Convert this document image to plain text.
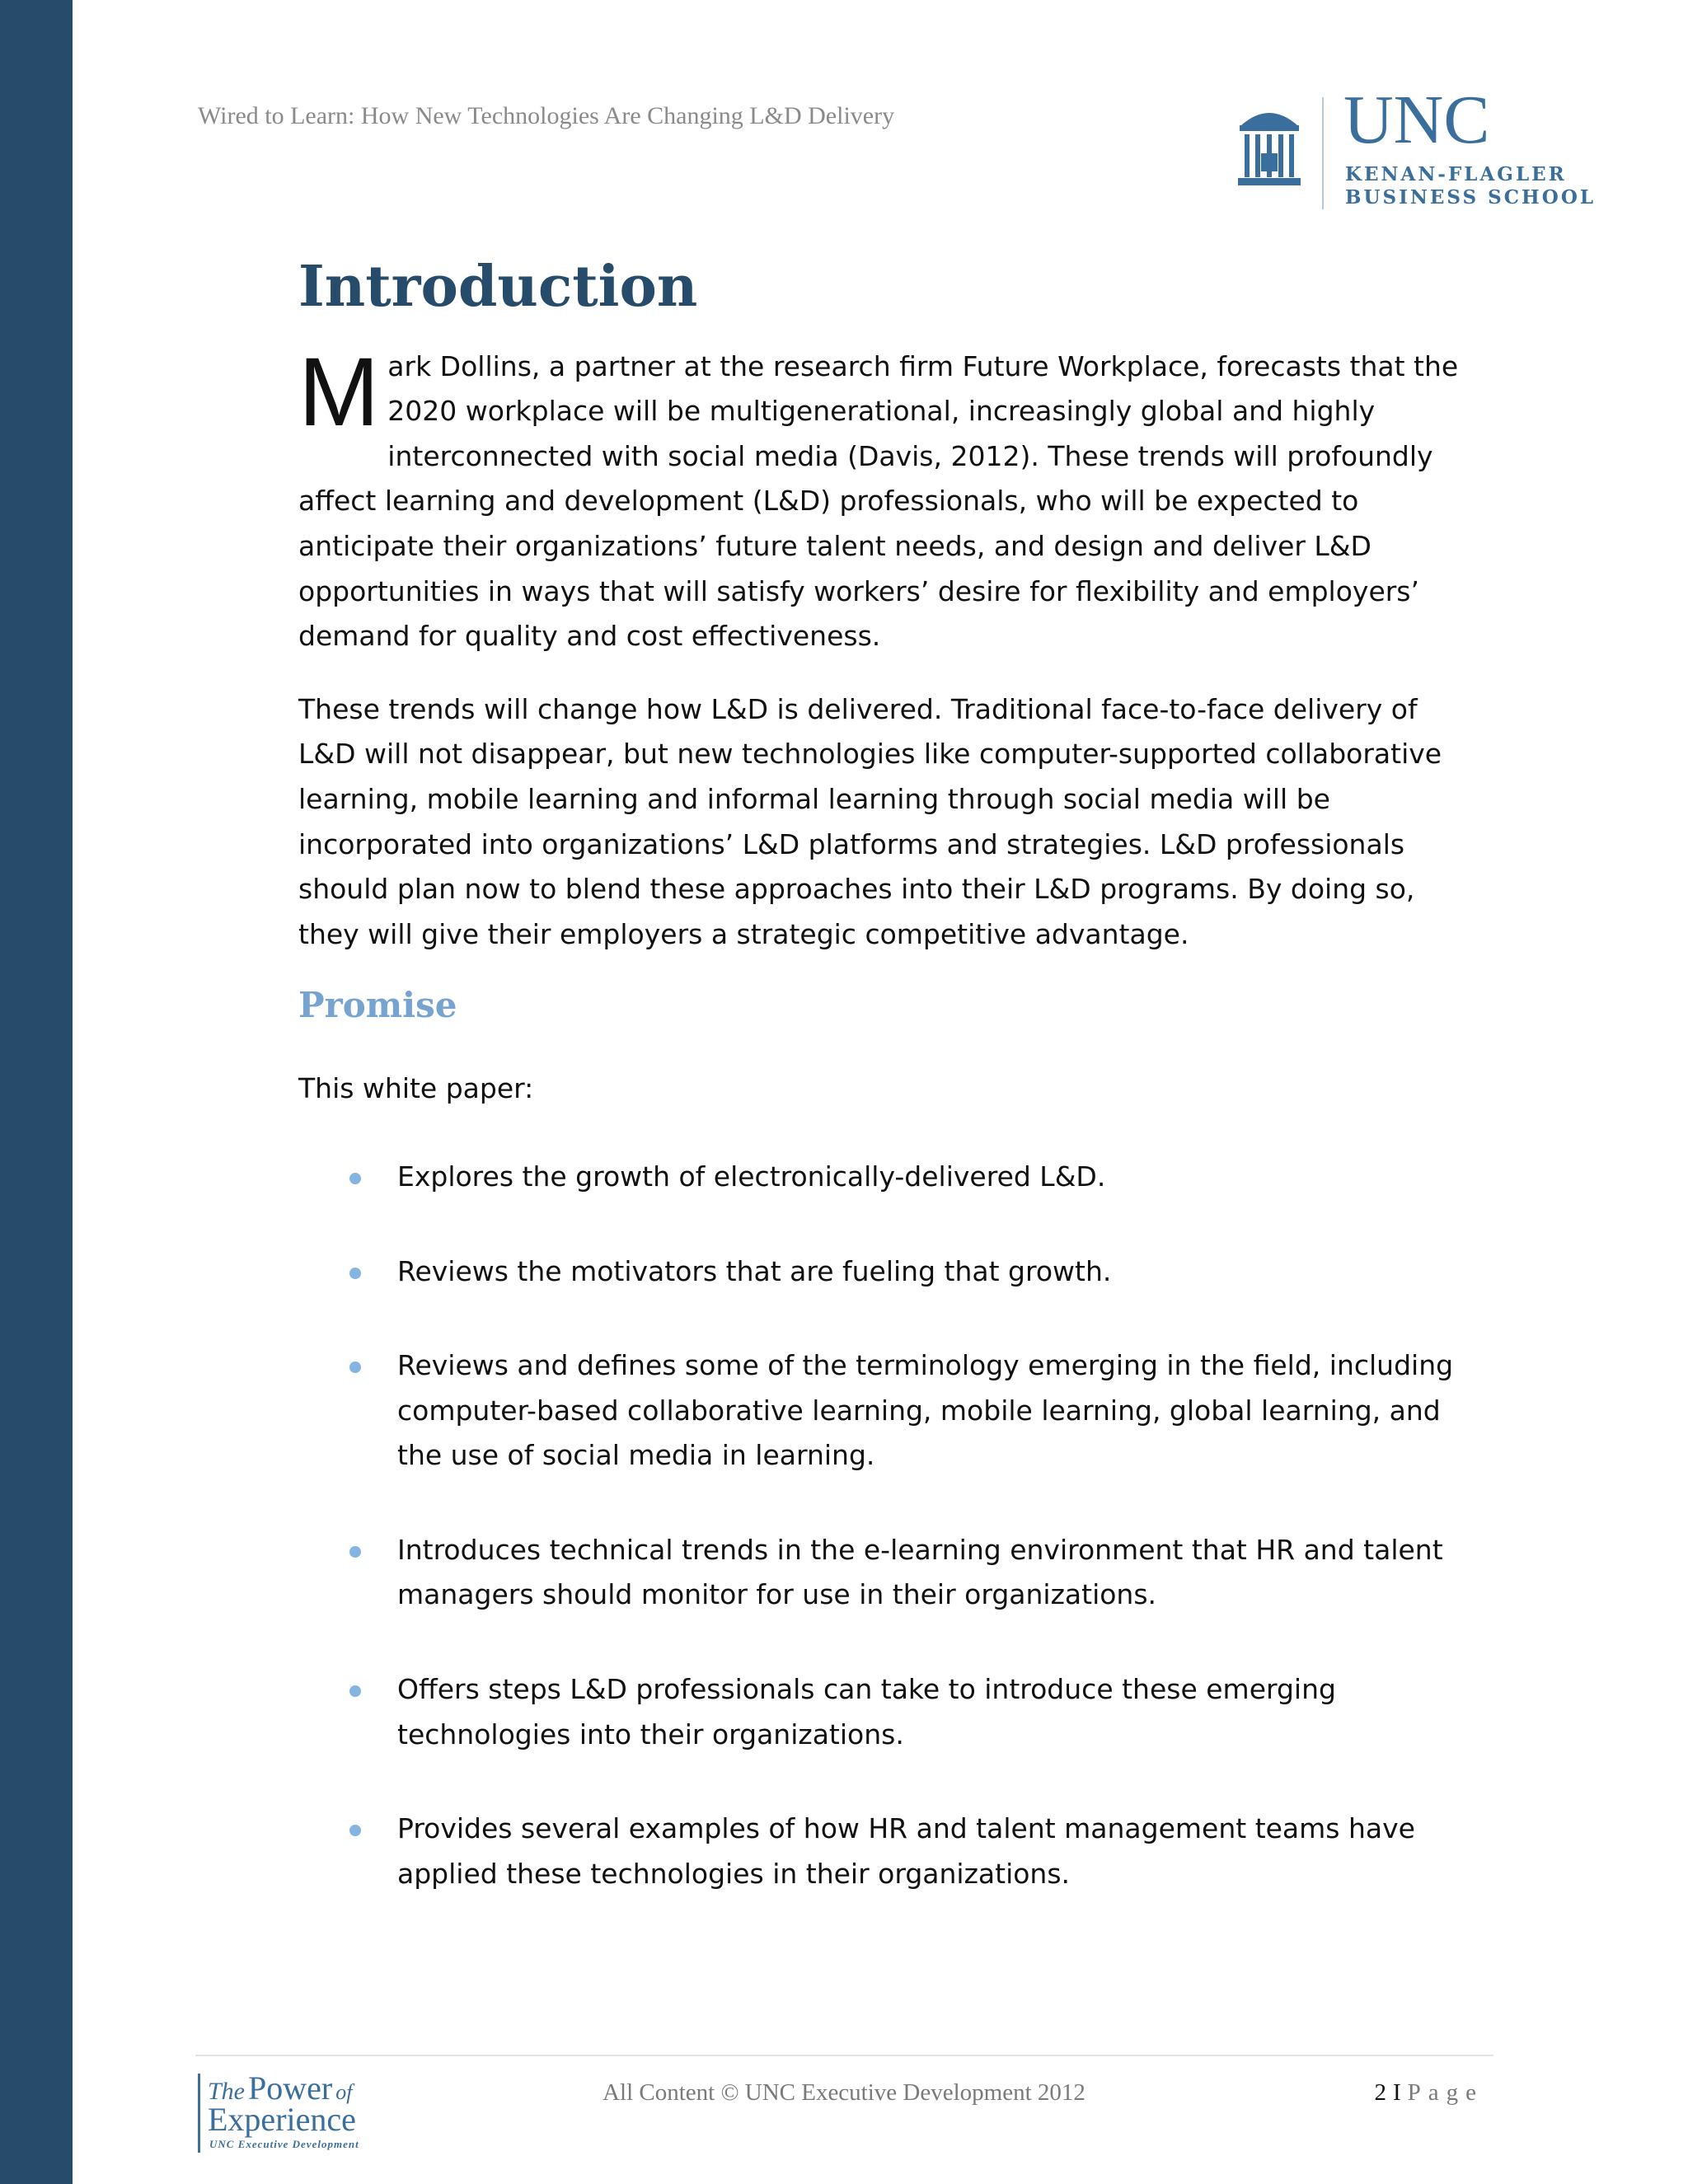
Wired to Learn: How New Technologies Are Changing L&D Delivery	UNC
KENAN-FLAGLER
BUSINESS SCHOOL
Introduction

Mark Dollins, a partner at the research firm Future Workplace, forecasts that the 2020 workplace will be multigenerational, increasingly global and highly interconnected with social media (Davis, 2012). These trends will profoundly affect learning and development (L&D) professionals, who will be expected to anticipate their organizations’ future talent needs, and design and deliver L&D opportunities in ways that will satisfy workers’ desire for flexibility and employers’ demand for quality and cost effectiveness.

These trends will change how L&D is delivered. Traditional face-to-face delivery of L&D will not disappear, but new technologies like computer-supported collaborative learning, mobile learning and informal learning through social media will be incorporated into organizations’ L&D platforms and strategies. L&D professionals should plan now to blend these approaches into their L&D programs. By doing so, they will give their employers a strategic competitive advantage.

Promise

This white paper:

Explores the growth of electronically-delivered L&D.
Reviews the motivators that are fueling that growth.
Reviews and defines some of the terminology emerging in the field, including computer-based collaborative learning, mobile learning, global learning, and the use of social media in learning.
Introduces technical trends in the e-learning environment that HR and talent managers should monitor for use in their organizations.
Offers steps L&D professionals can take to introduce these emerging technologies into their organizations.
Provides several examples of how HR and talent management teams have applied these technologies in their organizations.
The Power of
Experience
UNC Executive Development
All Content © UNC Executive Development 2012	2 I Page
